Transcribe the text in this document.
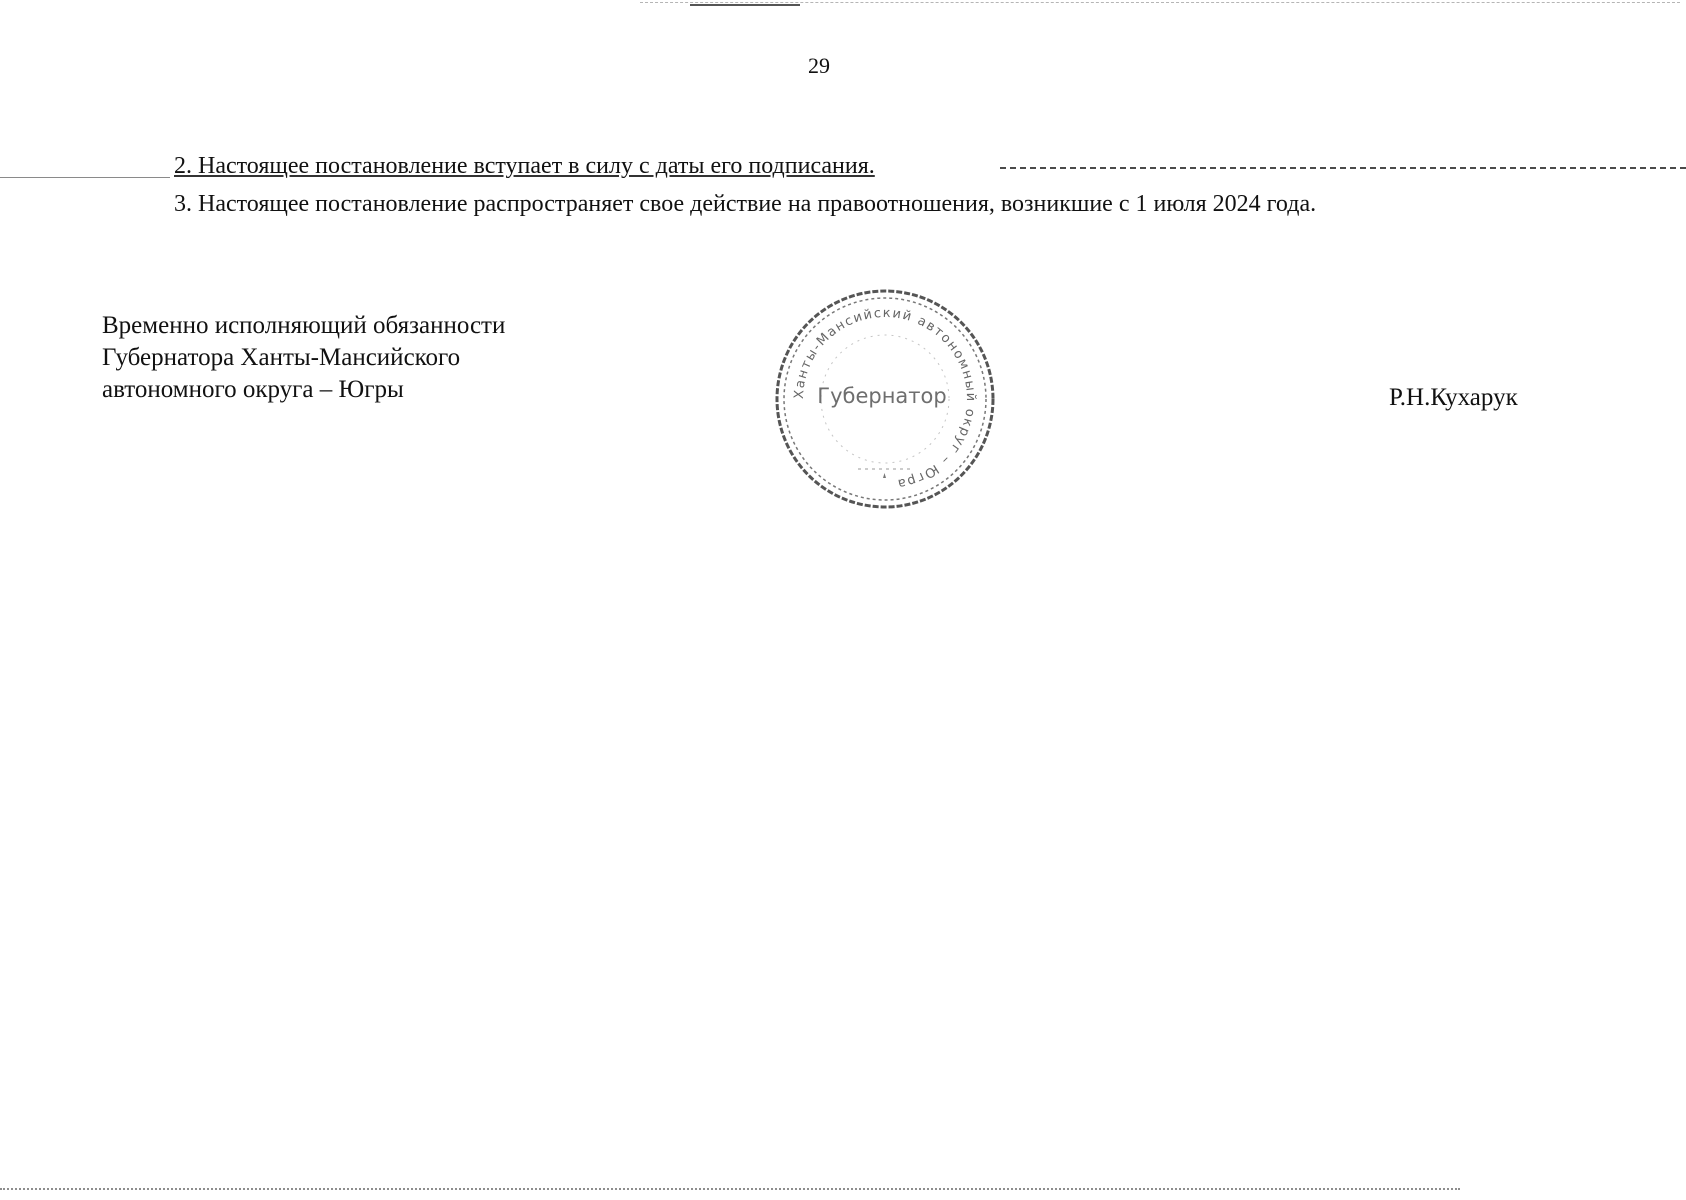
29
2. Настоящее постановление вступает в силу с даты его подписания.
3. Настоящее постановление распространяет свое действие на правоотношения, возникшие с 1 июля 2024 года.
Временно исполняющий обязанности
Губернатора Ханты-Мансийского
автономного округа – Югры	Ханты-Мансийский автономный округ – Югра
Губернатор	Р.Н.Кухарук
